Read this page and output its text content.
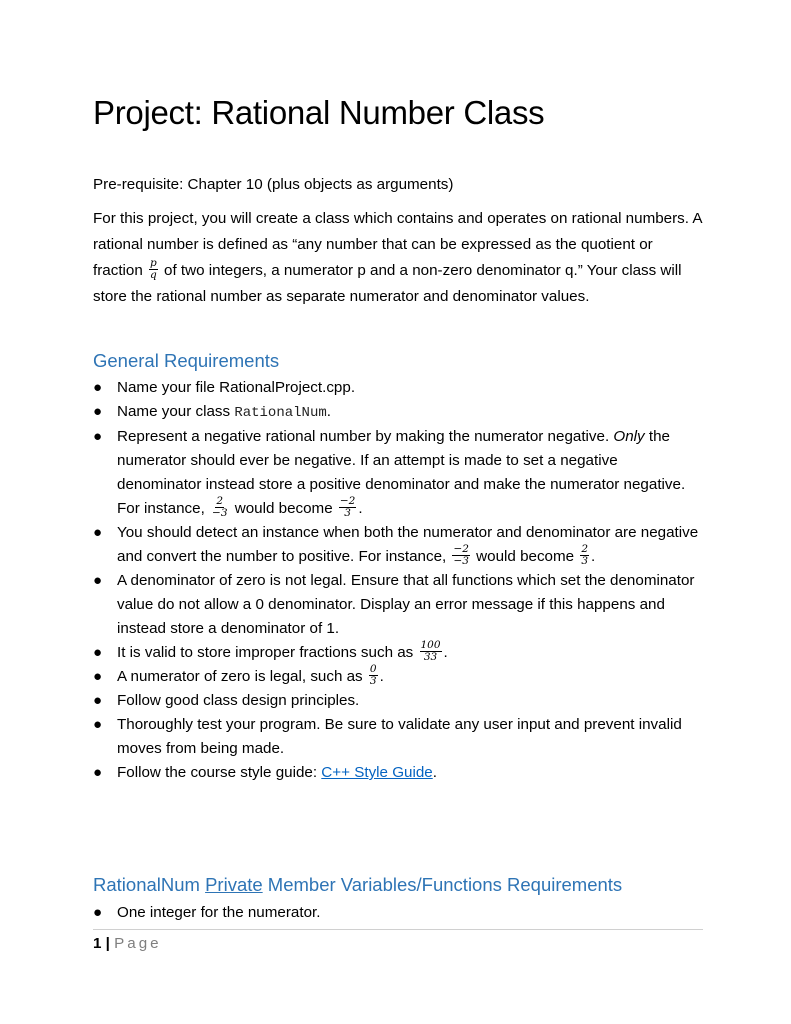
Project: Rational Number Class
Pre-requisite: Chapter 10 (plus objects as arguments)
For this project, you will create a class which contains and operates on rational numbers. A rational number is defined as “any number that can be expressed as the quotient or fraction $\frac{p}{q}$ of two integers, a numerator p and a non-zero denominator q.” Your class will store the rational number as separate numerator and denominator values.
General Requirements
● Name your file RationalProject.cpp.
● Name your class RationalNum.
● Represent a negative rational number by making the numerator negative. Only the numerator should ever be negative. If an attempt is made to set a negative denominator instead store a positive denominator and make the numerator negative. For instance, $\frac{2}{-3}$ would become $\frac{-2}{3}$ .
● You should detect an instance when both the numerator and denominator are negative and convert the number to positive. For instance, $\frac{-2}{-3}$ would become $\frac{2}{3}$ .
● A denominator of zero is not legal. Ensure that all functions which set the denominator value do not allow a 0 denominator. Display an error message if this happens and instead store a denominator of 1.
● It is valid to store improper fractions such as $\frac{100}{33}$ .
● A numerator of zero is legal, such as $\frac{0}{3}$ .
● Follow good class design principles.
● Thoroughly test your program. Be sure to validate any user input and prevent invalid moves from being made.
● Follow the course style guide: C++ Style Guide.
RationalNum Private Member Variables/Functions Requirements
● One integer for the numerator.
1 | Page
